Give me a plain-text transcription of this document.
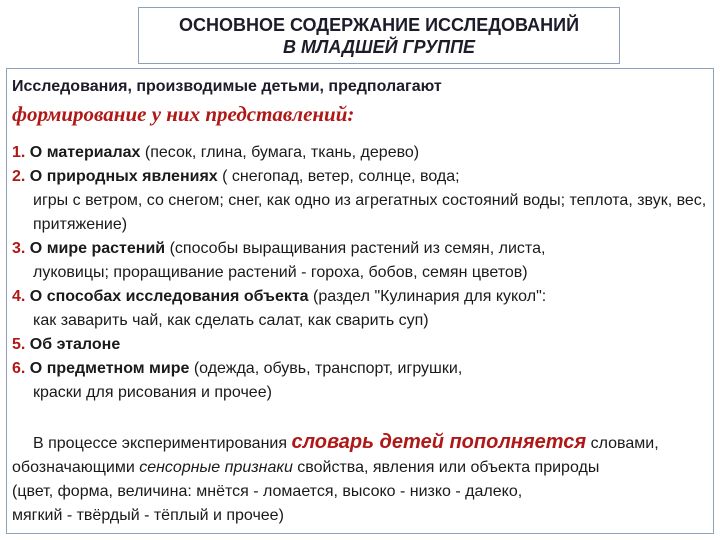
ОСНОВНОЕ СОДЕРЖАНИЕ ИССЛЕДОВАНИЙ
В МЛАДШЕЙ ГРУППЕ
Исследования, производимые детьми, предполагают
формирование у них представлений:
1. О материалах (песок, глина, бумага, ткань, дерево)
2. О природных явлениях ( снегопад, ветер, солнце, вода;
игры с ветром, со снегом; снег, как одно из агрегатных состояний воды; теплота, звук, вес, притяжение)
3. О мире растений (способы выращивания растений из семян, листа,
луковицы; проращивание растений - гороха, бобов, семян цветов)
4. О способах исследования объекта (раздел "Кулинария для кукол":
как заварить чай, как сделать салат, как сварить суп)
5. Об эталоне
6. О предметном мире (одежда, обувь, транспорт, игрушки,
краски для рисования и прочее)
В процессе экспериментирования словарь детей пополняется словами,
обозначающими сенсорные признаки свойства, явления или объекта природы
(цвет, форма, величина: мнётся - ломается, высоко - низко - далеко,
мягкий - твёрдый - тёплый и прочее)
